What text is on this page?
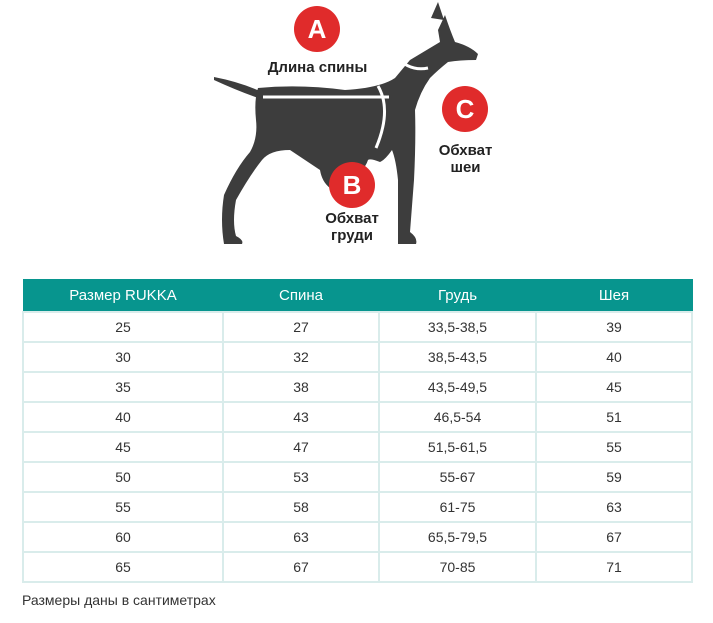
A
Длина спины
B
Обхват
груди
C
Обхват
шеи
Размер RUKKA	Спина	Грудь	Шея
25	27	33,5-38,5	39
30	32	38,5-43,5	40
35	38	43,5-49,5	45
40	43	46,5-54	51
45	47	51,5-61,5	55
50	53	55-67	59
55	58	61-75	63
60	63	65,5-79,5	67
65	67	70-85	71
Размеры даны в сантиметрах
